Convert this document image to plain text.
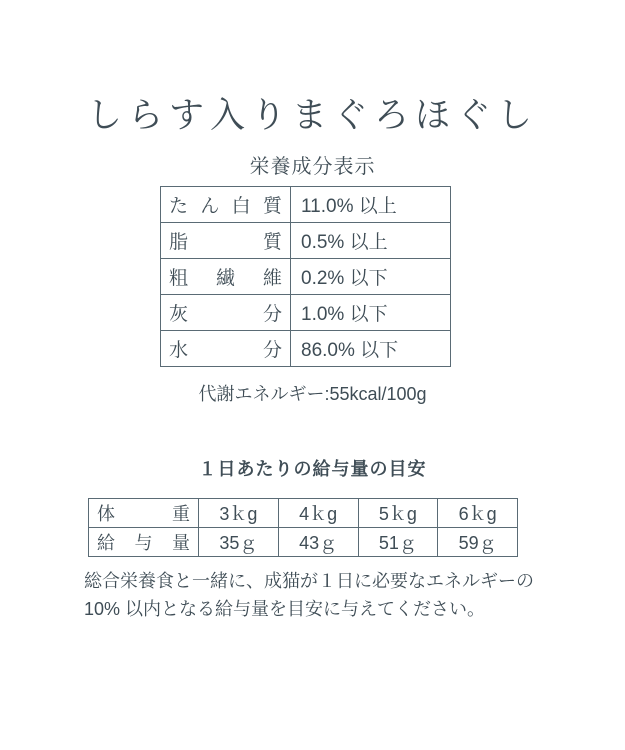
しらす入りまぐろほぐし
栄養成分表示
たん白質	11.0% 以上
脂質	0.5% 以上
粗繊維	0.2% 以下
灰分	1.0% 以下
水分	86.0% 以下
代謝エネルギー:55kcal/100g
１日あたりの給与量の目安
体重	3ｋg	4ｋg	5ｋg	6ｋg
給与量	35ｇ	43ｇ	51ｇ	59ｇ
総合栄養食と一緒に、成猫が１日に必要なエネルギーの 10% 以内となる給与量を目安に与えてください。
